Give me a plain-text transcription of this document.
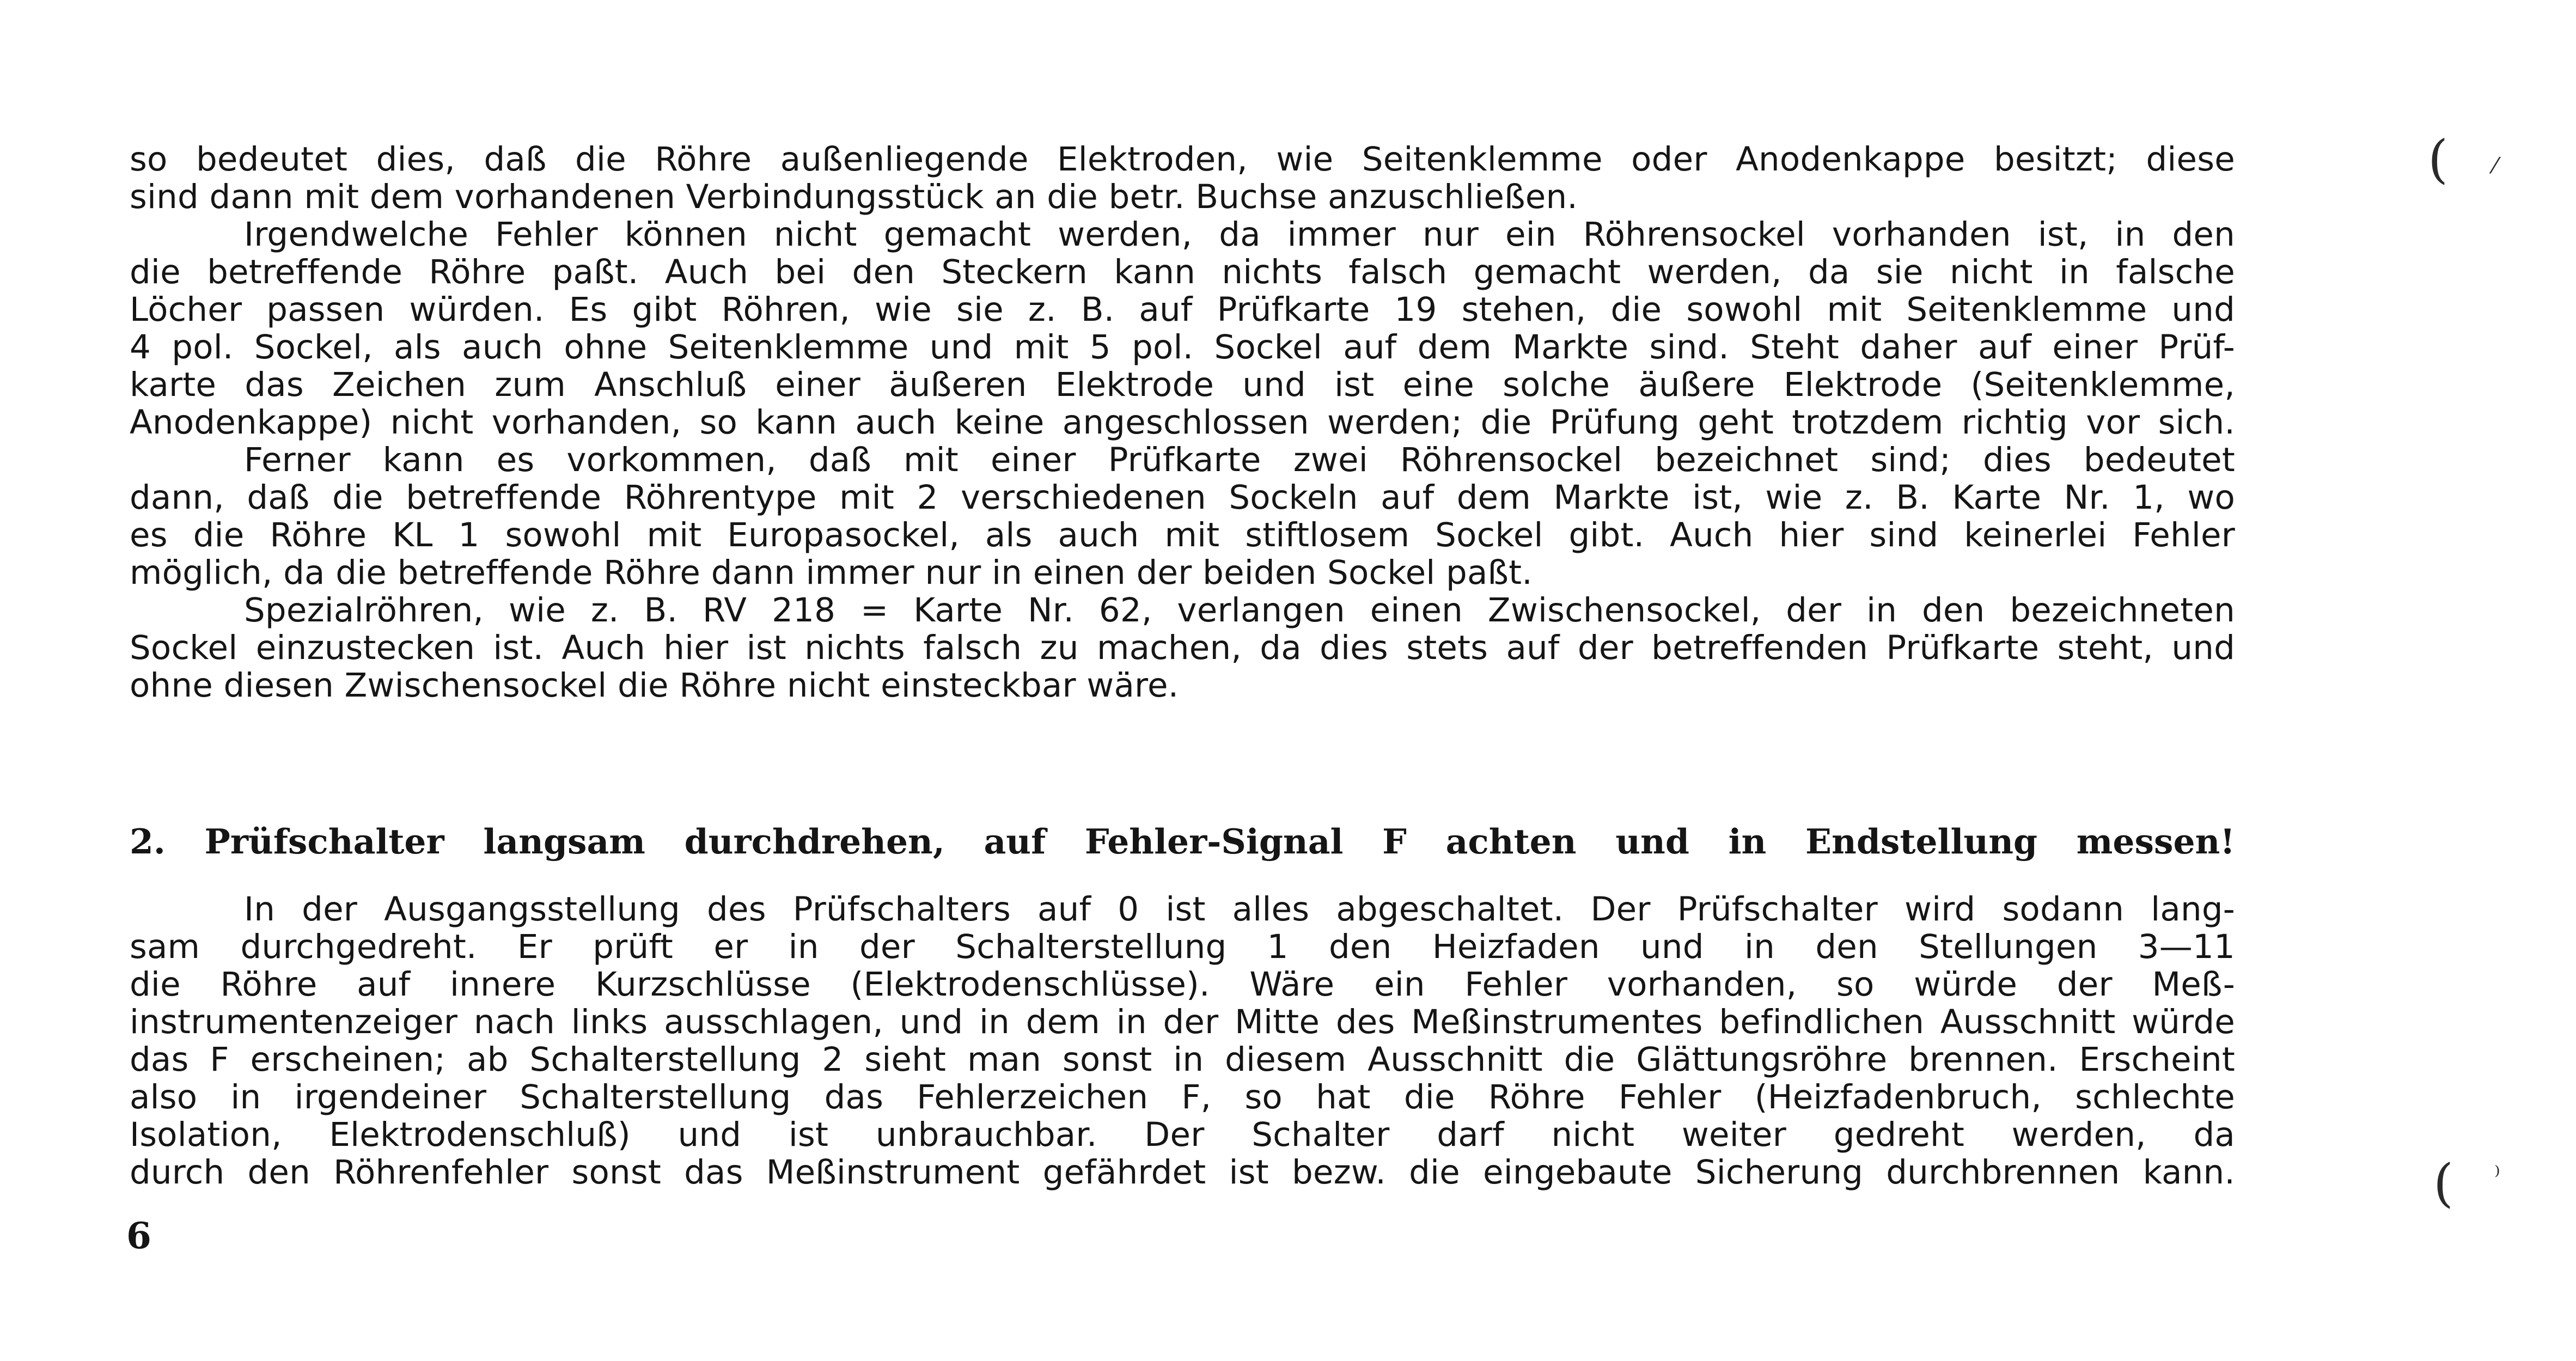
so bedeutet dies, daß die Röhre außenliegende Elektroden, wie Seitenklemme oder Anodenkappe besitzt; diese
sind dann mit dem vorhandenen Verbindungsstück an die betr. Buchse anzuschließen.
Irgendwelche Fehler können nicht gemacht werden, da immer nur ein Röhrensockel vorhanden ist, in den
die betreffende Röhre paßt. Auch bei den Steckern kann nichts falsch gemacht werden, da sie nicht in falsche
Löcher passen würden. Es gibt Röhren, wie sie z. B. auf Prüfkarte 19 stehen, die sowohl mit Seitenklemme und
4 pol. Sockel, als auch ohne Seitenklemme und mit 5 pol. Sockel auf dem Markte sind. Steht daher auf einer Prüf-
karte das Zeichen zum Anschluß einer äußeren Elektrode und ist eine solche äußere Elektrode (Seitenklemme,
Anodenkappe) nicht vorhanden, so kann auch keine angeschlossen werden; die Prüfung geht trotzdem richtig vor sich.
Ferner kann es vorkommen, daß mit einer Prüfkarte zwei Röhrensockel bezeichnet sind; dies bedeutet
dann, daß die betreffende Röhrentype mit 2 verschiedenen Sockeln auf dem Markte ist, wie z. B. Karte Nr. 1, wo
es die Röhre KL 1 sowohl mit Europasockel, als auch mit stiftlosem Sockel gibt. Auch hier sind keinerlei Fehler
möglich, da die betreffende Röhre dann immer nur in einen der beiden Sockel paßt.
Spezialröhren, wie z. B. RV 218 = Karte Nr. 62, verlangen einen Zwischensockel, der in den bezeichneten
Sockel einzustecken ist. Auch hier ist nichts falsch zu machen, da dies stets auf der betreffenden Prüfkarte steht, und
ohne diesen Zwischensockel die Röhre nicht einsteckbar wäre.
2. Prüfschalter langsam durchdrehen, auf Fehler-Signal F achten und in Endstellung messen!
In der Ausgangsstellung des Prüfschalters auf 0 ist alles abgeschaltet. Der Prüfschalter wird sodann lang-
sam durchgedreht. Er prüft er in der Schalterstellung 1 den Heizfaden und in den Stellungen 3—11
die Röhre auf innere Kurzschlüsse (Elektrodenschlüsse). Wäre ein Fehler vorhanden, so würde der Meß-
instrumentenzeiger nach links ausschlagen, und in dem in der Mitte des Meßinstrumentes befindlichen Ausschnitt würde
das F erscheinen; ab Schalterstellung 2 sieht man sonst in diesem Ausschnitt die Glättungsröhre brennen. Erscheint
also in irgendeiner Schalterstellung das Fehlerzeichen F, so hat die Röhre Fehler (Heizfadenbruch, schlechte
Isolation, Elektrodenschluß) und ist unbrauchbar. Der Schalter darf nicht weiter gedreht werden, da
durch den Röhrenfehler sonst das Meßinstrument gefährdet ist bezw. die eingebaute Sicherung durchbrennen kann.
6
( ⁄
( ⁾
